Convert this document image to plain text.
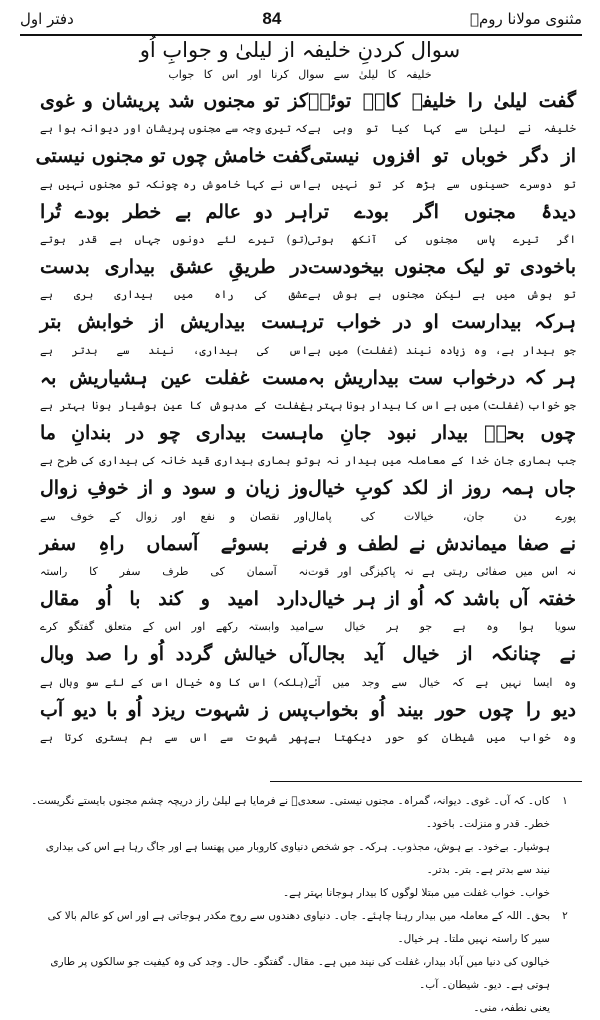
مثنوی مولانا رومؒ
84
دفتر اول
سوال کردنِ خلیفہ از لیلیٰ و جوابِ اُو
خلیفہ کا لیلیٰ سے سوال کرنا اور اس کا جواب
گفت لیلیٰ را خلیفہ کاںؔ توئیؔ
کز تو مجنوں شد پریشان و غوی
خلیفہ نے لیلیٰ سے کہا کیا تو وہی ہے
کہ تیری وجہ سے مجنوں پریشان اور دیوانہ ہوا ہے
از دگر خوباں تو افزوں نیستی
گفت خامش چوں تو مجنوں نیستی
تو دوسرے حسینوں سے بڑھ کر تو نہیں ہے
اس نے کہا خاموش رہ چونکہ تو مجنوں نہیں ہے
دیدۂ مجنوں اگر بودے ترا
ہر دو عالم بے خطر بودے تُرا
اگر تیرے پاس مجنوں کی آنکھ ہوتی
(تو) تیرے لئے دونوں جہاں بے قدر ہوتے
باخودی تو لیک مجنوں بیخودست
در طریقِ عشق بیداری بدست
تو ہوش میں ہے لیکن مجنوں بے ہوش ہے
عشق کی راہ میں بیداری بری ہے
ہرکہ بیدارست او در خواب تر
ہست بیداریش از خوابش بتر
جو بیدار ہے، وہ زیادہ نیند (غفلت) میں ہے
اس کی بیداری، نیند سے بدتر ہے
ہر کہ درخواب ست بیداریش بہ
مست غفلت عین ہشیاریش بہ
جو خواب (غفلت) میں ہے اس کا بیدار ہونا بہتر ہے
غفلت کے مدہوش کا عین ہوشیار ہونا بہتر ہے
چوں بحقؔ بیدار نبود جانِ ما
ہست بیداری چو در بندانِ ما
جب ہماری جان خدا کے معاملہ میں بیدار نہ ہو
تو ہماری بیداری قید خانہ کی بیداری کی طرح ہے
جاں ہمہ روز از لکد کوبِ خیال
وز زیان و سود و از خوفِ زوال
پورے دن جان، خیالات کی پامال
اور نقصان و نفع اور زوال کے خوف سے
نے صفا میماندش نے لطف و فر
نے بسوئے آسماں راہِ سفر
نہ اس میں صفائی رہتی ہے نہ پاکیزگی اور قوت
نہ آسمان کی طرف سفر کا راستہ
خفتہ آں باشد کہ اُو از ہر خیال
دارد امید و کند با اُو مقال
سویا ہوا وہ ہے جو ہر خیال سے
امید وابستہ رکھے اور اس کے متعلق گفتگو کرے
نے چنانکہ از خیال آید بجال
آں خیالش گردد اُو را صد وبال
وہ ایسا نہیں ہے کہ خیال سے وجد میں آئے
(بلکہ) اس کا وہ خیال اس کے لئے سو وبال ہے
دیو را چوں حور بیند اُو بخواب
پس ز شہوت ریزد اُو با دیو آب
وہ خواب میں شیطان کو حور دیکھتا ہے
پھر شہوت سے اس سے ہم بستری کرتا ہے
۱
کاں۔ کہ آں۔ غوی۔ دیوانہ، گمراہ۔ مجنوں نیستی۔ سعدیؒ نے فرمایا ہے لیلیٰ راز دریچہ چشم مجنوں بایستے نگریست۔ خطر۔ قدر و منزلت۔ باخود۔
ہوشیار۔ بےخود۔ بے ہوش، مجذوب۔ ہرکہ۔ جو شخص دنیاوی کاروبار میں پھنسا ہے اور جاگ رہا ہے اس کی بیداری نیند سے بدتر ہے۔ بتر۔ بدتر۔
خواب۔ خواب غفلت میں مبتلا لوگوں کا بیدار ہوجانا بہتر ہے۔
۲
بحق۔ اللہ کے معاملہ میں بیدار رہنا چاہئے۔ جاں۔ دنیاوی دھندوں سے روح مکدر ہوجاتی ہے اور اس کو عالم بالا کی سیر کا راستہ نہیں ملتا۔ ہر خیال۔
خیالوں کی دنیا میں آباد بیدار، غفلت کی نیند میں ہے۔ مقال۔ گفتگو۔ حال۔ وجد کی وہ کیفیت جو سالکوں پر طاری ہوتی ہے۔ دیو۔ شیطان۔ آب۔
یعنی نطفہ، منی۔
